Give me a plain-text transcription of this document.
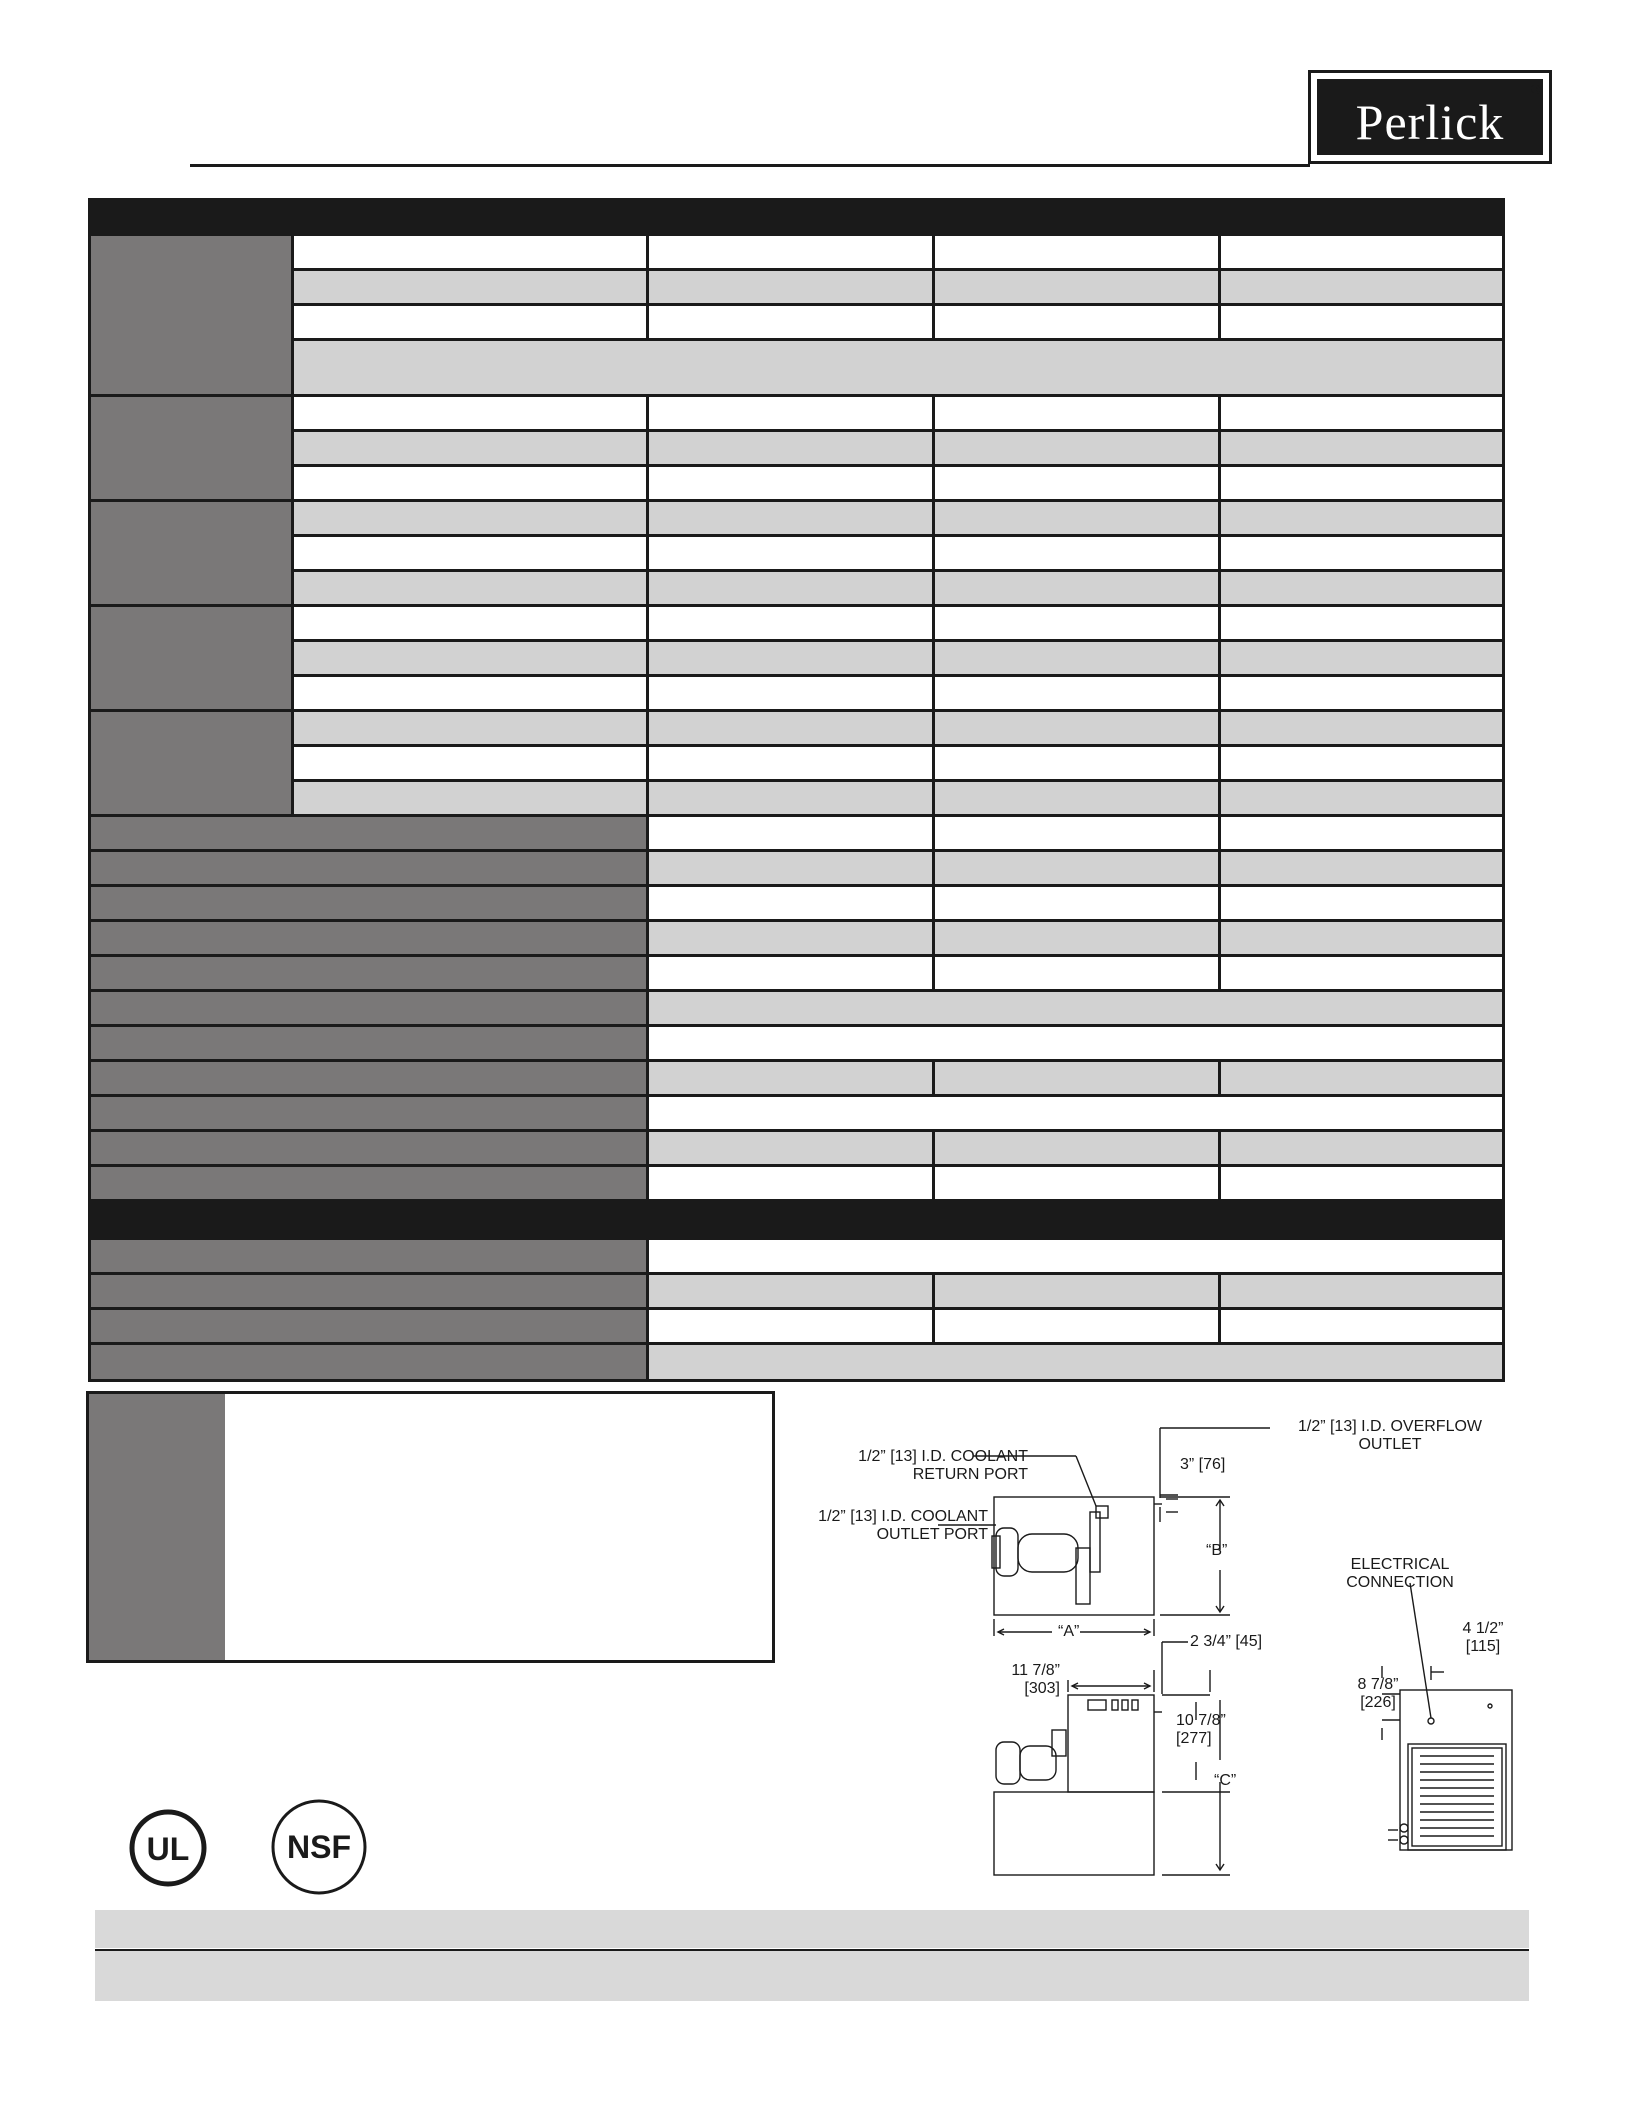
Perlick
®
1/2” [13] I.D. COOLANT
RETURN PORT
1/2” [13] I.D. COOLANT
OUTLET PORT
1/2” [13] I.D. OVERFLOW
OUTLET
3” [76]
“B”
“A”
11 7/8”
[303]
2 3/4” [45]
10 7/8”
[277]
“C”
ELECTRICAL
CONNECTION
4 1/2”
[115]
8 7/8”
[226]
UL	NSF
